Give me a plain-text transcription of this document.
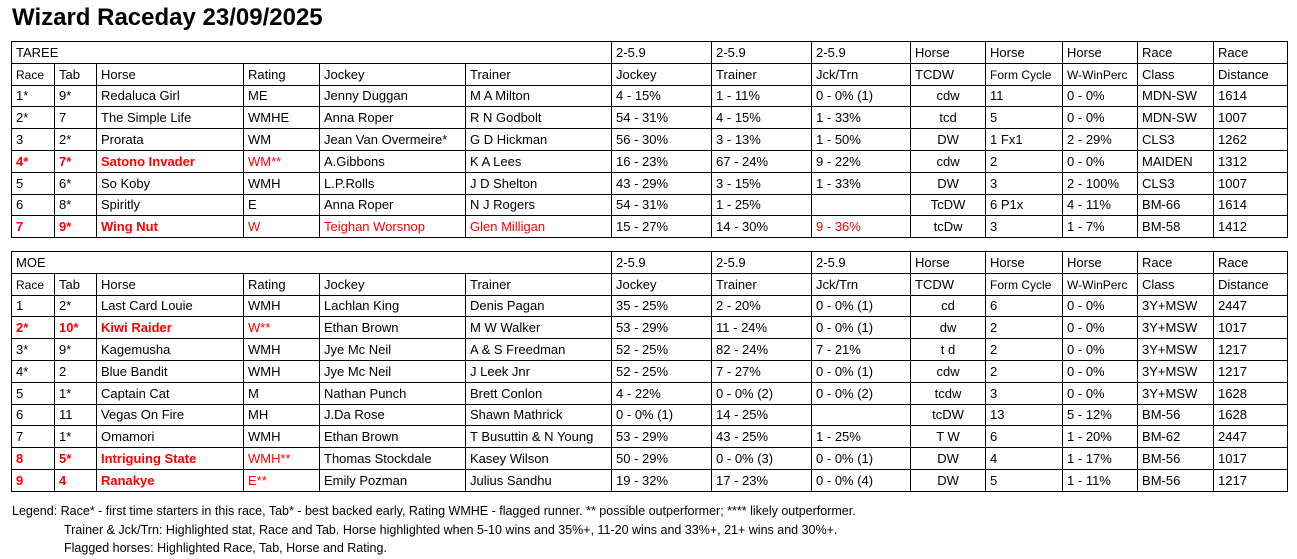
Wizard Raceday 23/09/2025
TAREE						2-5.9	2-5.9	2-5.9	Horse	Horse	Horse	Race	Race
Race	Tab	Horse	Rating	Jockey	Trainer	Jockey	Trainer	Jck/Trn	TCDW	Form Cycle	W-WinPerc	Class	Distance
1*	9*	Redaluca Girl	ME	Jenny Duggan	M A Milton	4 - 15%	1 - 11%	0 - 0% (1)	cdw	11	0 - 0%	MDN-SW	1614
2*	7	The Simple Life	WMHE	Anna Roper	R N Godbolt	54 - 31%	4 - 15%	1 - 33%	tcd	5	0 - 0%	MDN-SW	1007
3	2*	Prorata	WM	Jean Van Overmeire*	G D Hickman	56 - 30%	3 - 13%	1 - 50%	DW	1 Fx1	2 - 29%	CLS3	1262
4*	7*	Satono Invader	WM**	A.Gibbons	K A Lees	16 - 23%	67 - 24%	9 - 22%	cdw	2	0 - 0%	MAIDEN	1312
5	6*	So Koby	WMH	L.P.Rolls	J D Shelton	43 - 29%	3 - 15%	1 - 33%	DW	3	2 - 100%	CLS3	1007
6	8*	Spiritly	E	Anna Roper	N J Rogers	54 - 31%	1 - 25%		TcDW	6 P1x	4 - 11%	BM-66	1614
7	9*	Wing Nut	W	Teighan Worsnop	Glen Milligan	15 - 27%	14 - 30%	9 - 36%	tcDw	3	1 - 7%	BM-58	1412
MOE						2-5.9	2-5.9	2-5.9	Horse	Horse	Horse	Race	Race
Race	Tab	Horse	Rating	Jockey	Trainer	Jockey	Trainer	Jck/Trn	TCDW	Form Cycle	W-WinPerc	Class	Distance
1	2*	Last Card Louie	WMH	Lachlan King	Denis Pagan	35 - 25%	2 - 20%	0 - 0% (1)	cd	6	0 - 0%	3Y+MSW	2447
2*	10*	Kiwi Raider	W**	Ethan Brown	M W Walker	53 - 29%	11 - 24%	0 - 0% (1)	dw	2	0 - 0%	3Y+MSW	1017
3*	9*	Kagemusha	WMH	Jye Mc Neil	A & S Freedman	52 - 25%	82 - 24%	7 - 21%	t d	2	0 - 0%	3Y+MSW	1217
4*	2	Blue Bandit	WMH	Jye Mc Neil	J Leek Jnr	52 - 25%	7 - 27%	0 - 0% (1)	cdw	2	0 - 0%	3Y+MSW	1217
5	1*	Captain Cat	M	Nathan Punch	Brett Conlon	4 - 22%	0 - 0% (2)	0 - 0% (2)	tcdw	3	0 - 0%	3Y+MSW	1628
6	11	Vegas On Fire	MH	J.Da Rose	Shawn Mathrick	0 - 0% (1)	14 - 25%		tcDW	13	5 - 12%	BM-56	1628
7	1*	Omamori	WMH	Ethan Brown	T Busuttin & N Young	53 - 29%	43 - 25%	1 - 25%	T W	6	1 - 20%	BM-62	2447
8	5*	Intriguing State	WMH**	Thomas Stockdale	Kasey Wilson	50 - 29%	0 - 0% (3)	0 - 0% (1)	DW	4	1 - 17%	BM-56	1017
9	4	Ranakye	E**	Emily Pozman	Julius Sandhu	19 - 32%	17 - 23%	0 - 0% (4)	DW	5	1 - 11%	BM-56	1217
Legend: Race* - first time starters in this race, Tab* - best backed early, Rating WMHE - flagged runner. ** possible outperformer; **** likely outperformer.
Trainer & Jck/Trn: Highlighted stat, Race and Tab. Horse highlighted when 5-10 wins and 35%+, 11-20 wins and 33%+, 21+ wins and 30%+.
Flagged horses: Highlighted Race, Tab, Horse and Rating.
